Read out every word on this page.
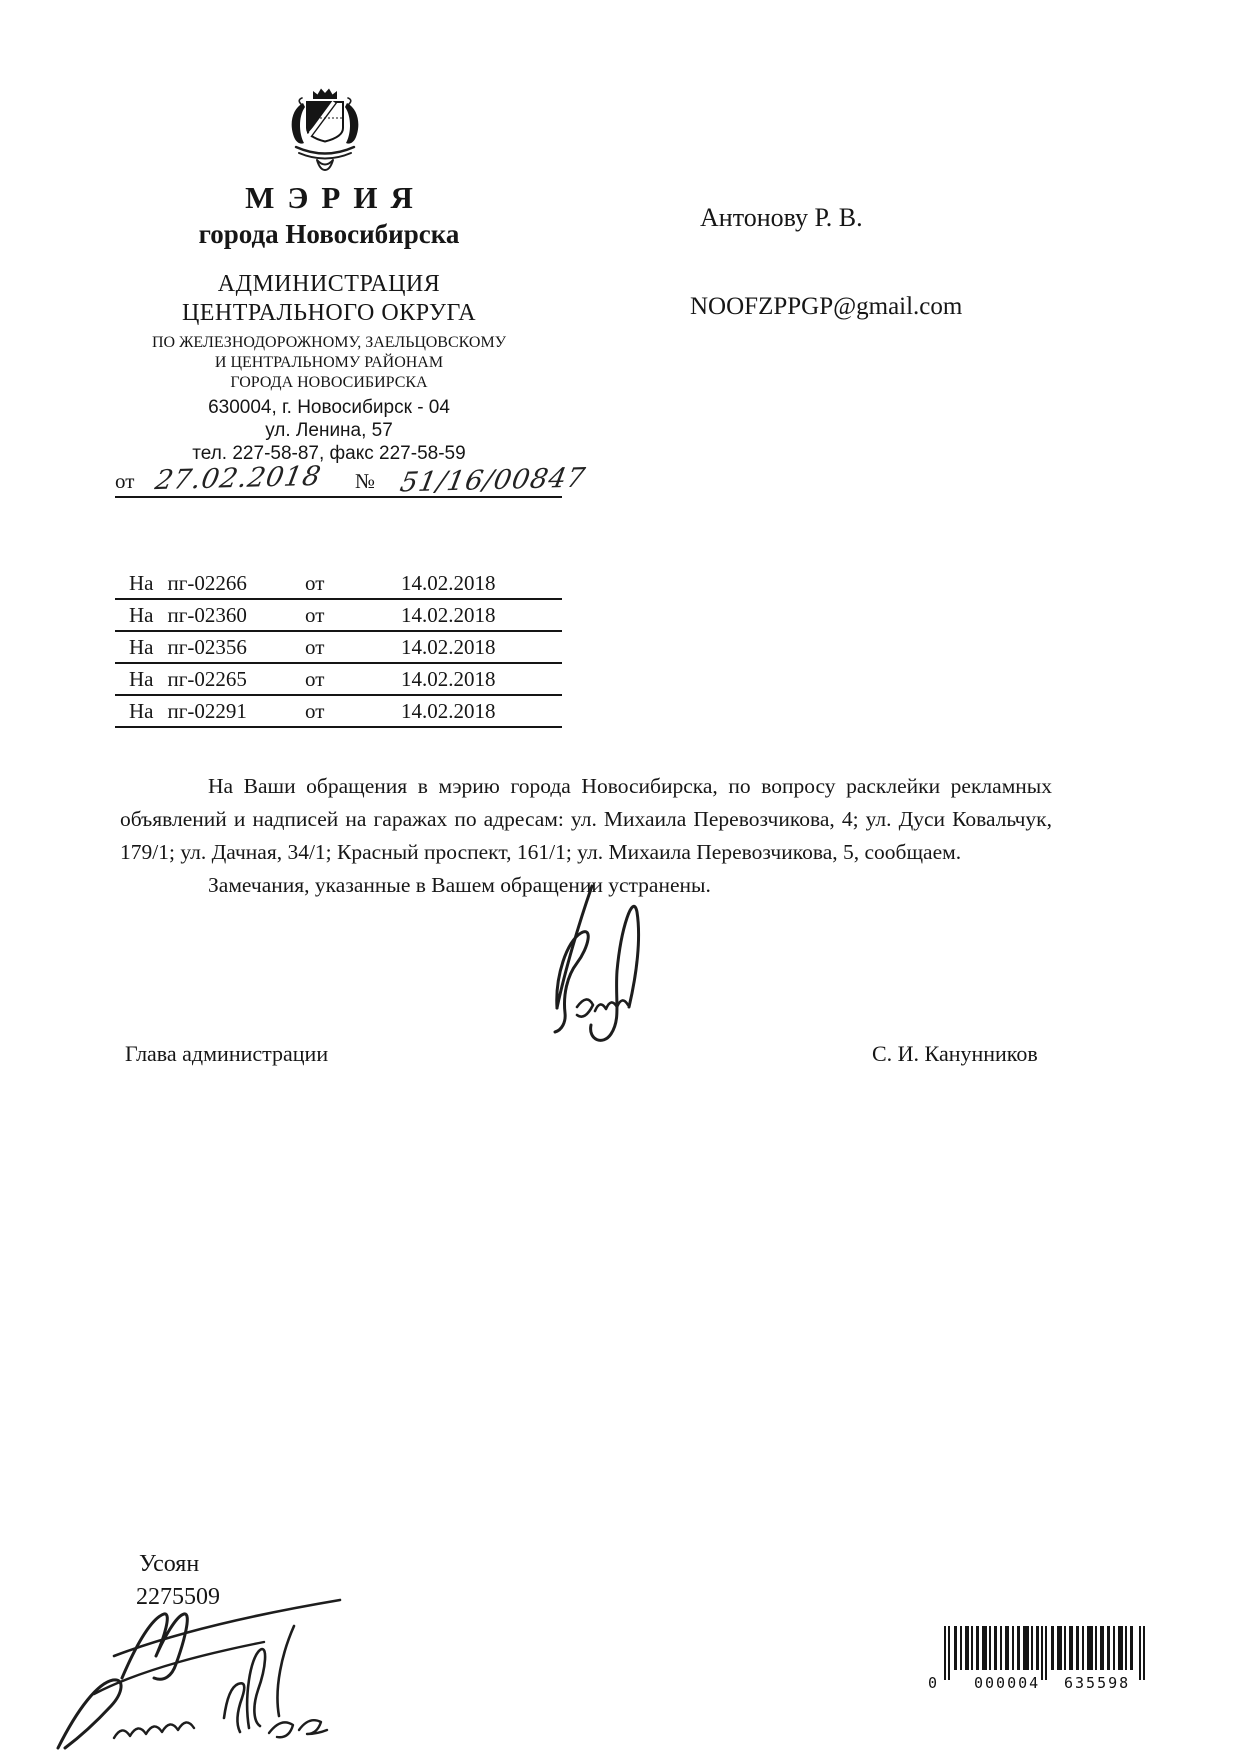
МЭРИЯ
города Новосибирска
АДМИНИСТРАЦИЯ
ЦЕНТРАЛЬНОГО ОКРУГА
ПО ЖЕЛЕЗНОДОРОЖНОМУ, ЗАЕЛЬЦОВСКОМУ
И ЦЕНТРАЛЬНОМУ РАЙОНАМ
ГОРОДА НОВОСИБИРСКА
630004, г. Новосибирск - 04
ул. Ленина, 57
тел. 227-58-87, факс 227-58-59
Антонову Р. В.
NOOFZPPGP@gmail.com
от 27.02.2018 № 51/16/00847
На пг-02266	от	14.02.2018
На пг-02360	от	14.02.2018
На пг-02356	от	14.02.2018
На пг-02265	от	14.02.2018
На пг-02291	от	14.02.2018

На Ваши обращения в мэрию города Новосибирска, по вопросу расклейки рекламных объявлений и надписей на гаражах по адресам: ул. Михаила Перевозчикова, 4; ул. Дуси Ковальчук, 179/1; ул. Дачная, 34/1; Красный проспект, 161/1; ул. Михаила Перевозчикова, 5, сообщаем.

Замечания, указанные в Вашем обращении устранены.

Глава администрации	С. И. Канунников
Усоян
2275509
0 000004 635598
